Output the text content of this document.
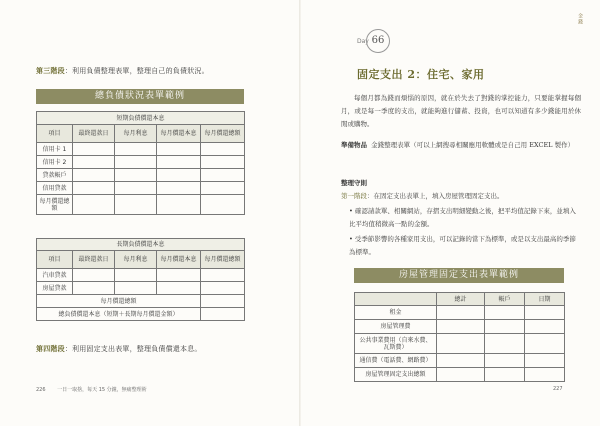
第三階段：利用負債整理表單，整理自己的負債狀況。
總負債狀況表單範例
短期負債償還本息				
項目	最終還款日	每月利息	每月償還本息	每月償還總額
信用卡 1				
信用卡 2				
貸款帳戶				
信用貸款				
每月償還總額				
長期負債償還本息				
項目	最終還款日	每月利息	每月償還本息	每月償還總額
汽車貸款				
房屋貸款				
每月償還總額				
總負債償還本息（短期＋長期每月償還金額）				
第四階段：利用固定支出表單，整理負債償還本息。
226 一日一取捨，每天 15 分鐘，無痛整理術
金錢
Day 66
固定支出 2：住宅、家用
每個月都為錢而煩惱的原因，就在於失去了對錢的掌控能力，只要能掌握每個月，或是每一季度的支出，就能夠進行儲蓄、投資，也可以知道有多少錢能用於休閒或購物。
準備物品 金錢整理表單（可以上網搜尋相關應用軟體或是自己用 EXCEL 製作）
整理守則
第一階段：在固定支出表單上，填入房屋管理固定支出。
• 確認請款單、相關網站，存摺支出明細變動之後，把平均值記錄下來，並填入比平均值稍微高一點的金額。
• 受季節影響的各種家用支出，可以記錄的當下為標準，或是以支出最高的季節為標準。
房屋管理固定支出表單範例
	總計	帳戶	日期
租金			
房屋管理費			
公共事業費用（自來水費、瓦斯費）			
通信費（電話費、網路費）			
房屋管理固定支出總額			
227
